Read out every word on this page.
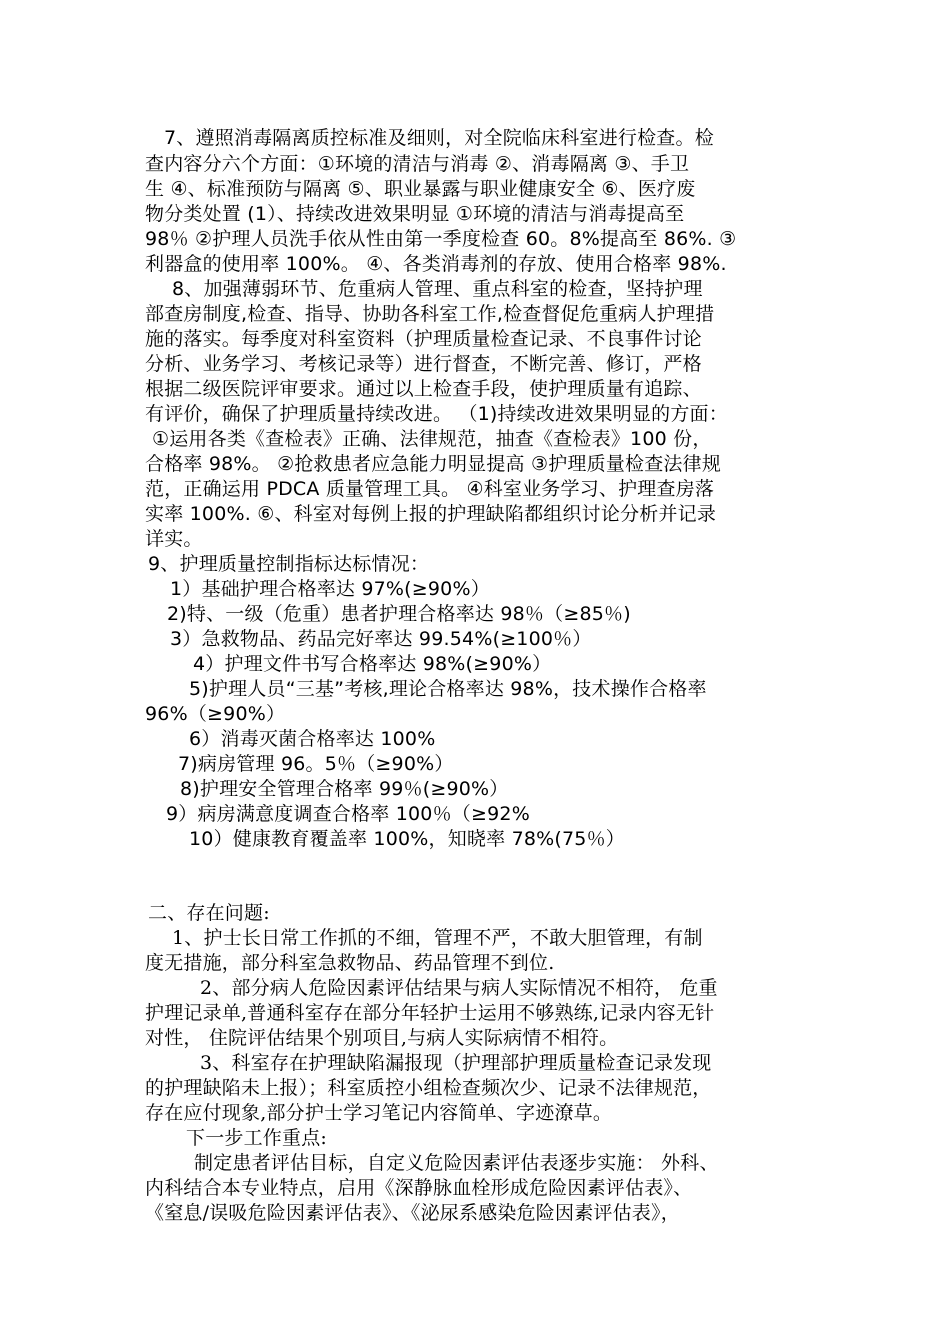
7、遵照消毒隔离质控标准及细则，对全院临床科室进行检查。检
查内容分六个方面：①环境的清洁与消毒 ②、消毒隔离 ③、手卫
生 ④、标准预防与隔离 ⑤、职业暴露与职业健康安全 ⑥、医疗废
物分类处置 (1）、持续改进效果明显 ①环境的清洁与消毒提高至
98％ ②护理人员洗手依从性由第一季度检查 60。8%提高至 86%. ③
利器盒的使用率 100%。 ④、各类消毒剂的存放、使用合格率 98%.
8、加强薄弱环节、危重病人管理、重点科室的检查，坚持护理
部查房制度,检查、指导、协助各科室工作,检查督促危重病人护理措
施的落实。每季度对科室资料（护理质量检查记录、不良事件讨论
分析、业务学习、考核记录等）进行督查，不断完善、修订，严格
根据二级医院评审要求。通过以上检查手段，使护理质量有追踪、
有评价，确保了护理质量持续改进。 （1)持续改进效果明显的方面：
①运用各类《查检表》正确、法律规范，抽查《查检表》100 份，
合格率 98%。 ②抢救患者应急能力明显提高 ③护理质量检查法律规
范，正确运用 PDCA 质量管理工具。 ④科室业务学习、护理查房落
实率 100%. ⑥、科室对每例上报的护理缺陷都组织讨论分析并记录
详实。
9、护理质量控制指标达标情况：
1）基础护理合格率达 97%(≥90%）
2)特、一级（危重）患者护理合格率达 98％（≥85％)
3）急救物品、药品完好率达 99.54%(≥100％）
4）护理文件书写合格率达 98%(≥90%）
5)护理人员“三基”考核,理论合格率达 98%，技术操作合格率
96%（≥90%）
6）消毒灭菌合格率达 100%
7)病房管理 96。5％（≥90%）
8)护理安全管理合格率 99％(≥90%）
9）病房满意度调查合格率 100％（≥92%
10）健康教育覆盖率 100%，知晓率 78%(75％）
二、存在问题:
1、护士长日常工作抓的不细，管理不严，不敢大胆管理，有制
度无措施，部分科室急救物品、药品管理不到位.
2、部分病人危险因素评估结果与病人实际情况不相符， 危重
护理记录单,普通科室存在部分年轻护士运用不够熟练,记录内容无针
对性， 住院评估结果个别项目,与病人实际病情不相符。
3、科室存在护理缺陷漏报现（护理部护理质量检查记录发现
的护理缺陷未上报）；科室质控小组检查频次少、记录不法律规范，
存在应付现象,部分护士学习笔记内容简单、字迹潦草。
下一步工作重点:
制定患者评估目标，自定义危险因素评估表逐步实施： 外科、
内科结合本专业特点，启用《深静脉血栓形成危险因素评估表》、
《窒息/误吸危险因素评估表》、《泌尿系感染危险因素评估表》，
